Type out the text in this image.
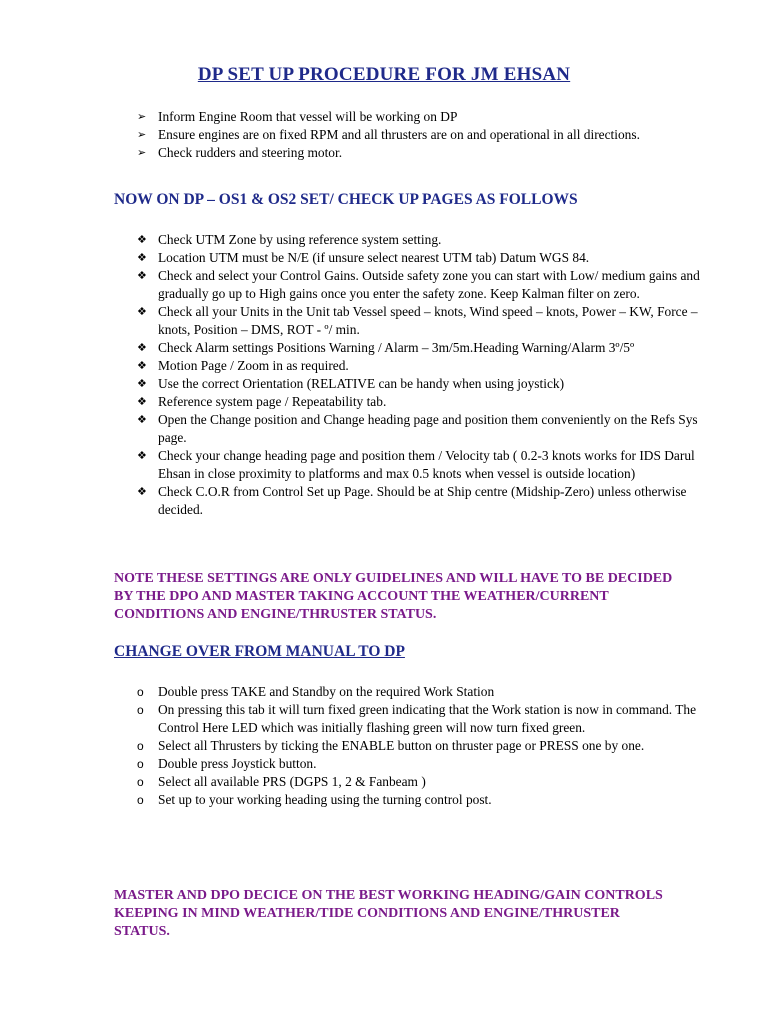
DP SET UP PROCEDURE FOR JM EHSAN
➢ Inform Engine Room that vessel will be working on DP
➢ Ensure engines are on fixed RPM and all thrusters are on and operational in all directions.
➢ Check rudders and steering motor.
NOW ON DP – OS1 & OS2 SET/ CHECK UP PAGES AS FOLLOWS
❖ Check UTM Zone by using reference system setting.
❖ Location UTM must be N/E (if unsure select nearest UTM tab) Datum WGS 84.
❖ Check and select your Control Gains. Outside safety zone you can start with Low/ medium gains and gradually go up to High gains once you enter the safety zone. Keep Kalman filter on zero.
❖ Check all your Units in the Unit tab Vessel speed – knots, Wind speed – knots, Power – KW, Force – knots, Position – DMS, ROT - º/ min.
❖ Check Alarm settings Positions Warning / Alarm – 3m/5m.Heading Warning/Alarm 3º/5º
❖ Motion Page / Zoom in as required.
❖ Use the correct Orientation (RELATIVE can be handy when using joystick)
❖ Reference system page / Repeatability tab.
❖ Open the Change position and Change heading page and position them conveniently on the Refs Sys page.
❖ Check your change heading page and position them / Velocity tab ( 0.2-3 knots works for IDS Darul Ehsan in close proximity to platforms and max 0.5 knots when vessel is outside location)
❖ Check C.O.R from Control Set up Page. Should be at Ship centre (Midship-Zero) unless otherwise decided.

NOTE THESE SETTINGS ARE ONLY GUIDELINES AND WILL HAVE TO BE DECIDED BY THE DPO AND MASTER TAKING ACCOUNT THE WEATHER/CURRENT CONDITIONS AND ENGINE/THRUSTER STATUS.

CHANGE OVER FROM MANUAL TO DP
o	Double press TAKE and Standby on the required Work Station
o	On pressing this tab it will turn fixed green indicating that the Work station is now in command. The Control Here LED which was initially flashing green will now turn fixed green.
o	Select all Thrusters by ticking the ENABLE button on thruster page or PRESS one by one.
o	Double press Joystick button.
o	Select all available PRS (DGPS 1, 2 & Fanbeam )
o	Set up to your working heading using the turning control post.

MASTER AND DPO DECICE ON THE BEST WORKING HEADING/GAIN CONTROLS KEEPING IN MIND WEATHER/TIDE CONDITIONS AND ENGINE/THRUSTER STATUS.
